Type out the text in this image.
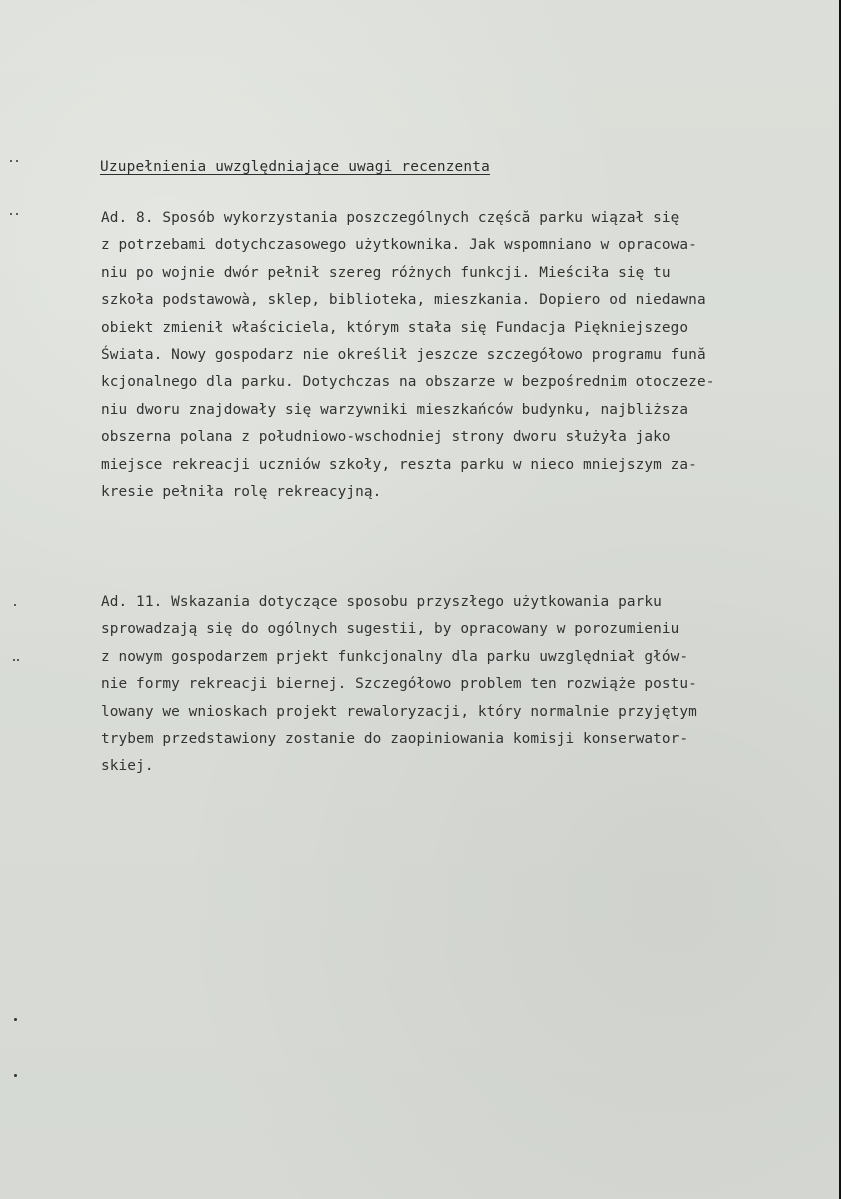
Uzupełnienia uwzględniające uwagi recenzenta
Ad. 8. Sposób wykorzystania poszczególnych częścă parku wiązał się
z potrzebami dotychczasowego użytkownika. Jak wspomniano w opracowa-
niu po wojnie dwór pełnił szereg różnych funkcji. Mieściła się tu
szkoła podstawowà, sklep, biblioteka, mieszkania. Dopiero od niedawna
obiekt zmienił właściciela, którym stała się Fundacja Piękniejszego
Świata. Nowy gospodarz nie określił jeszcze szczegółowo programu fună
kcjonalnego dla parku. Dotychczas na obszarze w bezpośrednim otoczeze-
niu dworu znajdowały się warzywniki mieszkańców budynku, najbliższa
obszerna polana z południowo-wschodniej strony dworu służyła jako
miejsce rekreacji uczniów szkoły, reszta parku w nieco mniejszym za-
kresie pełniła rolę rekreacyjną.
Ad. 11. Wskazania dotyczące sposobu przyszłego użytkowania parku
sprowadzają się do ogólnych sugestii, by opracowany w porozumieniu
z nowym gospodarzem prjekt funkcjonalny dla parku uwzględniał głów-
nie formy rekreacji biernej. Szczegółowo problem ten rozwiąże postu-
lowany we wnioskach projekt rewaloryzacji, który normalnie przyjętym
trybem przedstawiony zostanie do zaopiniowania komisji konserwator-
skiej.
